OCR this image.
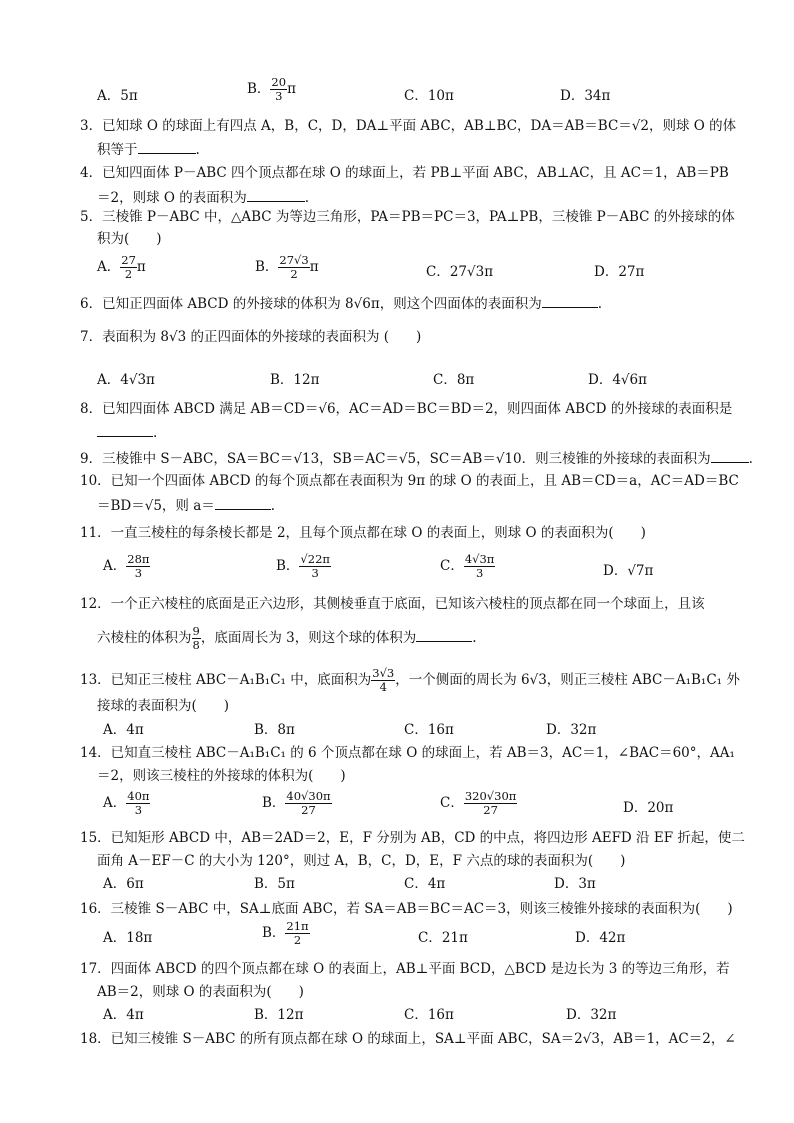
A．5π	B． $\frac{20}{3}$ π	C．10π	D．34π
3．已知球 O 的球面上有四点 A，B，C，D，DA⊥平面 ABC，AB⊥BC，DA＝AB＝BC＝√2，则球 O 的体
积等于	.
4．已知四面体 P－ABC 四个顶点都在球 O 的球面上，若 PB⊥平面 ABC，AB⊥AC，且 AC＝1，AB＝PB
＝2，则球 O 的表面积为	.
5．三棱锥 P－ABC 中，△ABC 为等边三角形，PA＝PB＝PC＝3，PA⊥PB，三棱锥 P－ABC 的外接球的体
积为(　　)
A． $\frac{27}{2}$ π	B． $\frac{27√3}{2}$ π	C．27√3π	D．27π
6．已知正四面体 ABCD 的外接球的体积为 8√6π，则这个四面体的表面积为	.
7．表面积为 8√3 的正四面体的外接球的表面积为 (　　)
A．4√3π	B．12π	C．8π	D．4√6π
8．已知四面体 ABCD 满足 AB＝CD＝√6，AC＝AD＝BC＝BD＝2，则四面体 ABCD 的外接球的表面积是
.
9．三棱锥中 S－ABC，SA＝BC＝√13，SB＝AC＝√5，SC＝AB＝√10．则三棱锥的外接球的表面积为	.
10．已知一个四面体 ABCD 的每个顶点都在表面积为 9π 的球 O 的表面上，且 AB＝CD＝a，AC＝AD＝BC
＝BD＝√5，则 a＝	.
11．一直三棱柱的每条棱长都是 2，且每个顶点都在球 O 的表面上，则球 O 的表面积为(　　)
A． $\frac{28\pi}{3}$	B． $\frac{√22\pi}{3}$	C． $\frac{4√3\pi}{3}$	D．√7π
12．一个正六棱柱的底面是正六边形，其侧棱垂直于底面，已知该六棱柱的顶点都在同一个球面上，且该
六棱柱的体积为 $\frac{9}{8}$ ，底面周长为 3，则这个球的体积为	.
13．已知正三棱柱 ABC－A₁B₁C₁ 中，底面积为 $\frac{3√3}{4}$ ，一个侧面的周长为 6√3，则正三棱柱 ABC－A₁B₁C₁ 外
接球的表面积为(　　)
A．4π	B．8π	C．16π	D．32π
14．已知直三棱柱 ABC－A₁B₁C₁ 的 6 个顶点都在球 O 的球面上，若 AB＝3，AC＝1，∠BAC＝60°，AA₁
＝2，则该三棱柱的外接球的体积为(　　)
A． $\frac{40\pi}{3}$	B． $\frac{40√30\pi}{27}$	C． $\frac{320√30\pi}{27}$	D．20π
15．已知矩形 ABCD 中，AB＝2AD＝2，E，F 分别为 AB，CD 的中点，将四边形 AEFD 沿 EF 折起，使二
面角 A－EF－C 的大小为 120°，则过 A，B，C，D，E，F 六点的球的表面积为(　　)
A．6π	B．5π	C．4π	D．3π
16．三棱锥 S－ABC 中，SA⊥底面 ABC，若 SA＝AB＝BC＝AC＝3，则该三棱锥外接球的表面积为(　　)
A．18π	B． $\frac{21\pi}{2}$	C．21π	D．42π
17．四面体 ABCD 的四个顶点都在球 O 的表面上，AB⊥平面 BCD，△BCD 是边长为 3 的等边三角形，若
AB＝2，则球 O 的表面积为(　　)
A．4π	B．12π	C．16π	D．32π
18．已知三棱锥 S－ABC 的所有顶点都在球 O 的球面上，SA⊥平面 ABC，SA＝2√3，AB＝1，AC＝2，∠
